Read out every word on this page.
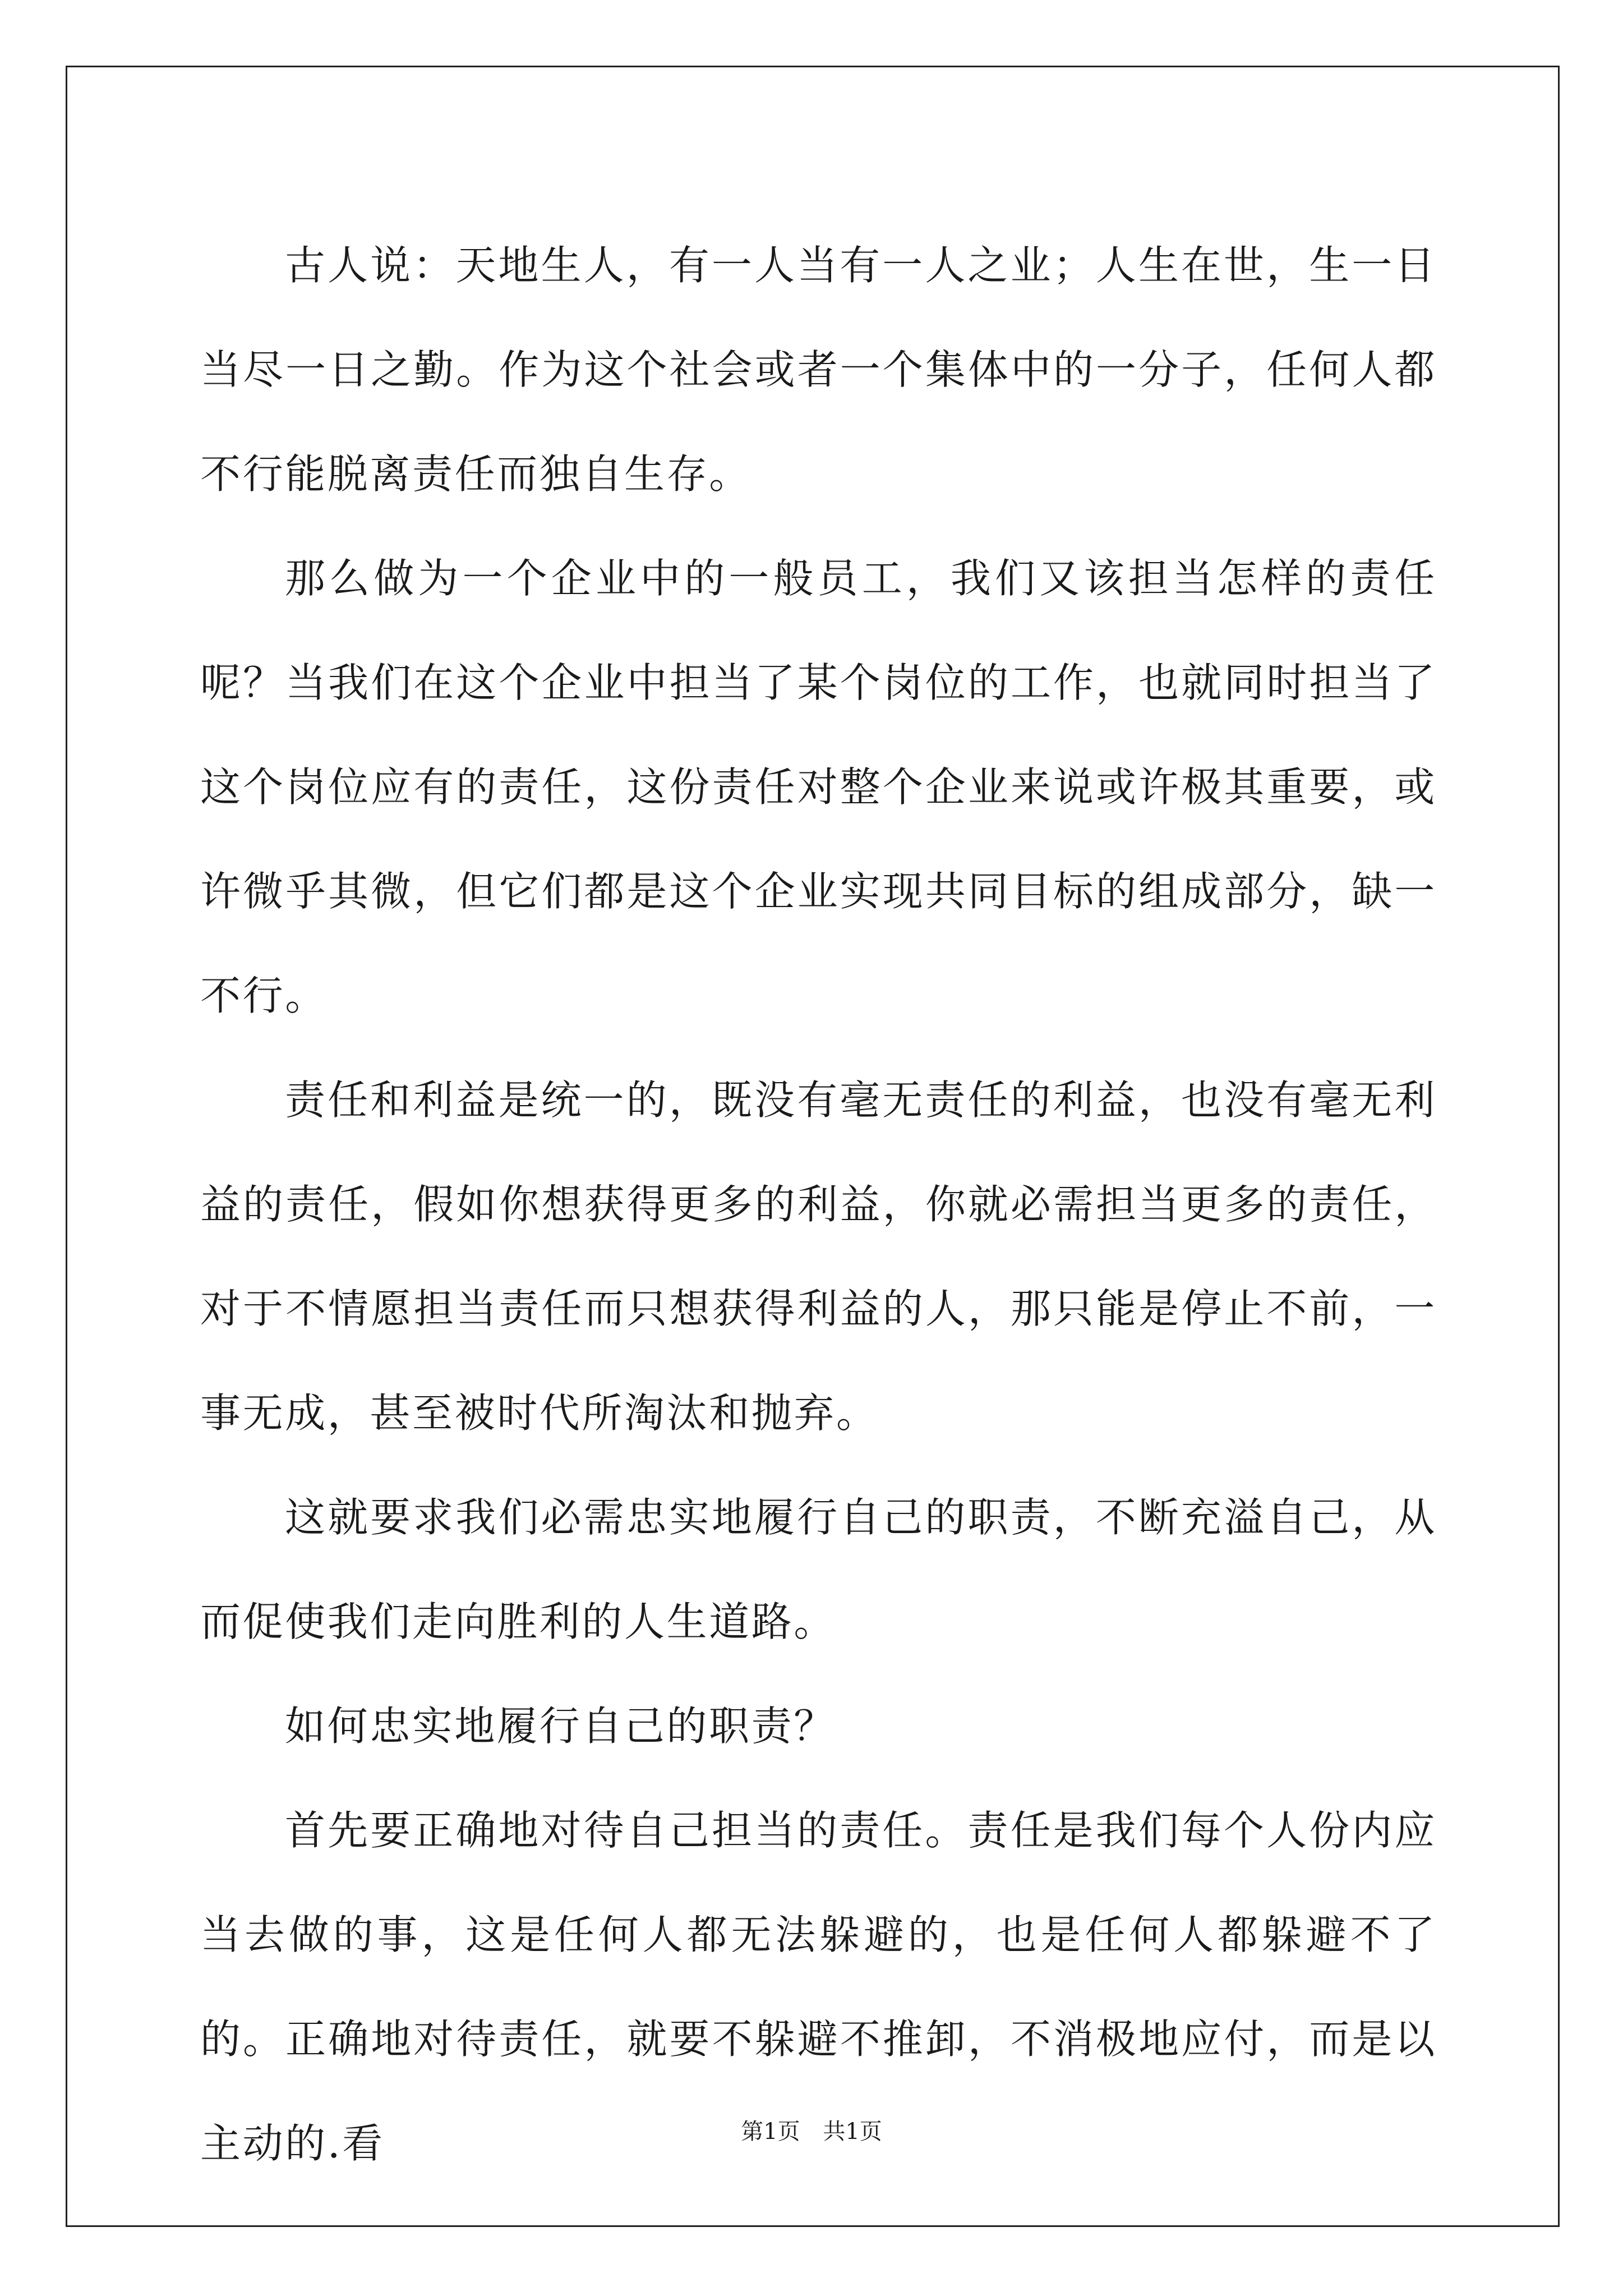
古人说：天地生人，有一人当有一人之业；人生在世，生一日当尽一日之勤。作为这个社会或者一个集体中的一分子，任何人都不行能脱离责任而独自生存。

那么做为一个企业中的一般员工，我们又该担当怎样的责任呢？当我们在这个企业中担当了某个岗位的工作，也就同时担当了这个岗位应有的责任，这份责任对整个企业来说或许极其重要，或许微乎其微，但它们都是这个企业实现共同目标的组成部分，缺一不行。

责任和利益是统一的，既没有毫无责任的利益，也没有毫无利益的责任，假如你想获得更多的利益，你就必需担当更多的责任，对于不情愿担当责任而只想获得利益的人，那只能是停止不前，一事无成，甚至被时代所淘汰和抛弃。

这就要求我们必需忠实地履行自己的职责，不断充溢自己，从而促使我们走向胜利的人生道路。

如何忠实地履行自己的职责？

首先要正确地对待自己担当的责任。责任是我们每个人份内应当去做的事，这是任何人都无法躲避的，也是任何人都躲避不了的。正确地对待责任，就要不躲避不推卸，不消极地应付，而是以主动的.看	第1页 共1页
